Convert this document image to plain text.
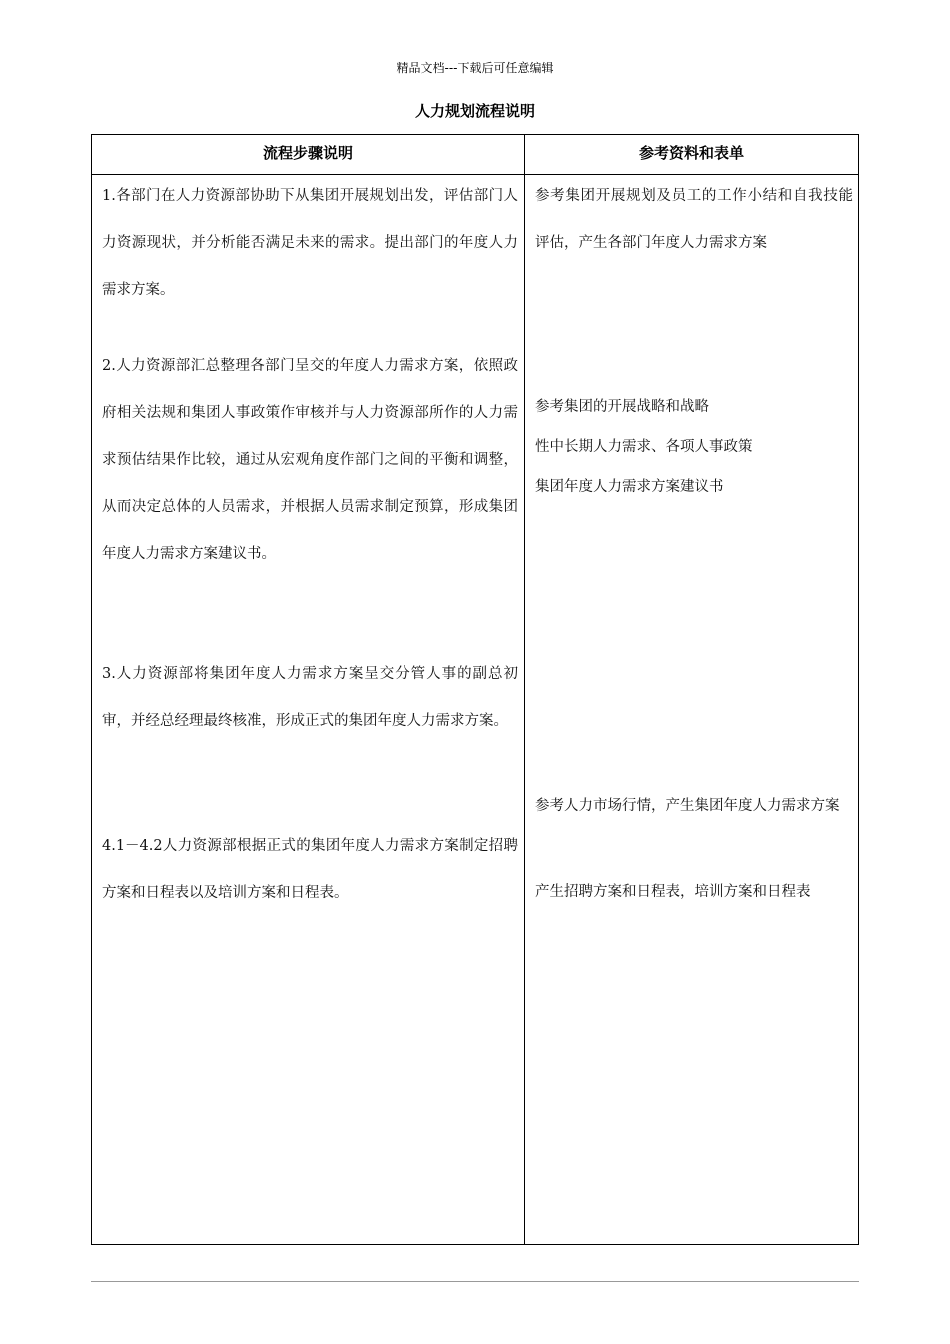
精品文档---下载后可任意编辑
人力规划流程说明
流程步骤说明	参考资料和表单

1.各部门在人力资源部协助下从集团开展规划出发，评估部门人力资源现状，并分析能否满足未来的需求。提出部门的年度人力需求方案。

2.人力资源部汇总整理各部门呈交的年度人力需求方案，依照政府相关法规和集团人事政策作审核并与人力资源部所作的人力需求预估结果作比较，通过从宏观角度作部门之间的平衡和调整，从而决定总体的人员需求，并根据人员需求制定预算，形成集团年度人力需求方案建议书。

3.人力资源部将集团年度人力需求方案呈交分管人事的副总初审，并经总经理最终核准，形成正式的集团年度人力需求方案。

4.1－4.2人力资源部根据正式的集团年度人力需求方案制定招聘方案和日程表以及培训方案和日程表。

参考集团开展规划及员工的工作小结和自我技能评估，产生各部门年度人力需求方案

参考集团的开展战略和战略

性中长期人力需求、各项人事政策

集团年度人力需求方案建议书

参考人力市场行情，产生集团年度人力需求方案

产生招聘方案和日程表，培训方案和日程表
